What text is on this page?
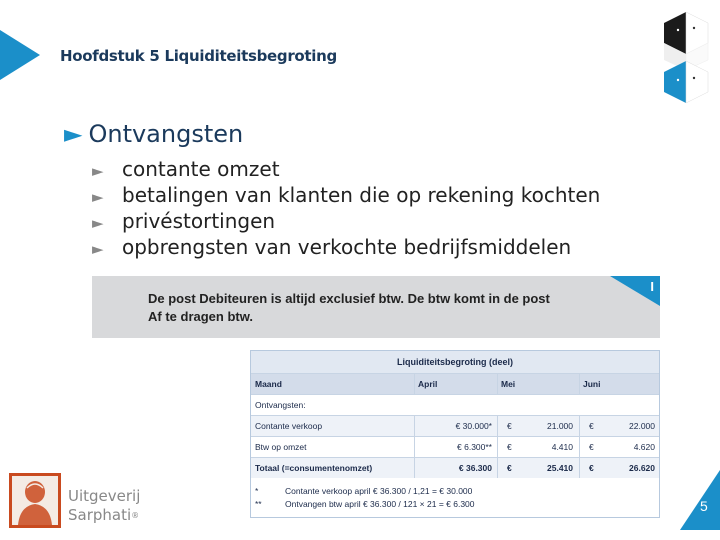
Hoofdstuk 5 Liquiditeitsbegroting
► Ontvangsten
► contante omzet
► betalingen van klanten die op rekening kochten
► privéstortingen
► opbrengsten van verkochte bedrijfsmiddelen
I
De post Debiteuren is altijd exclusief btw. De btw komt in de post
Af te dragen btw.
Liquiditeitsbegroting (deel)
Maand	April	Mei	Juni
Ontvangsten:
Contante verkoop	€ 30.000*	€	21.000	€	22.000
Btw op omzet	€ 6.300**	€	4.410	€	4.620
Totaal (=consumentenomzet)	€ 36.300	€	25.410	€	26.620
*	Contante verkoop april € 36.300 / 1,21 = € 30.000
**	Ontvangen btw april € 36.300 / 121 × 21 = € 6.300
Uitgeverij
Sarphati®
5
